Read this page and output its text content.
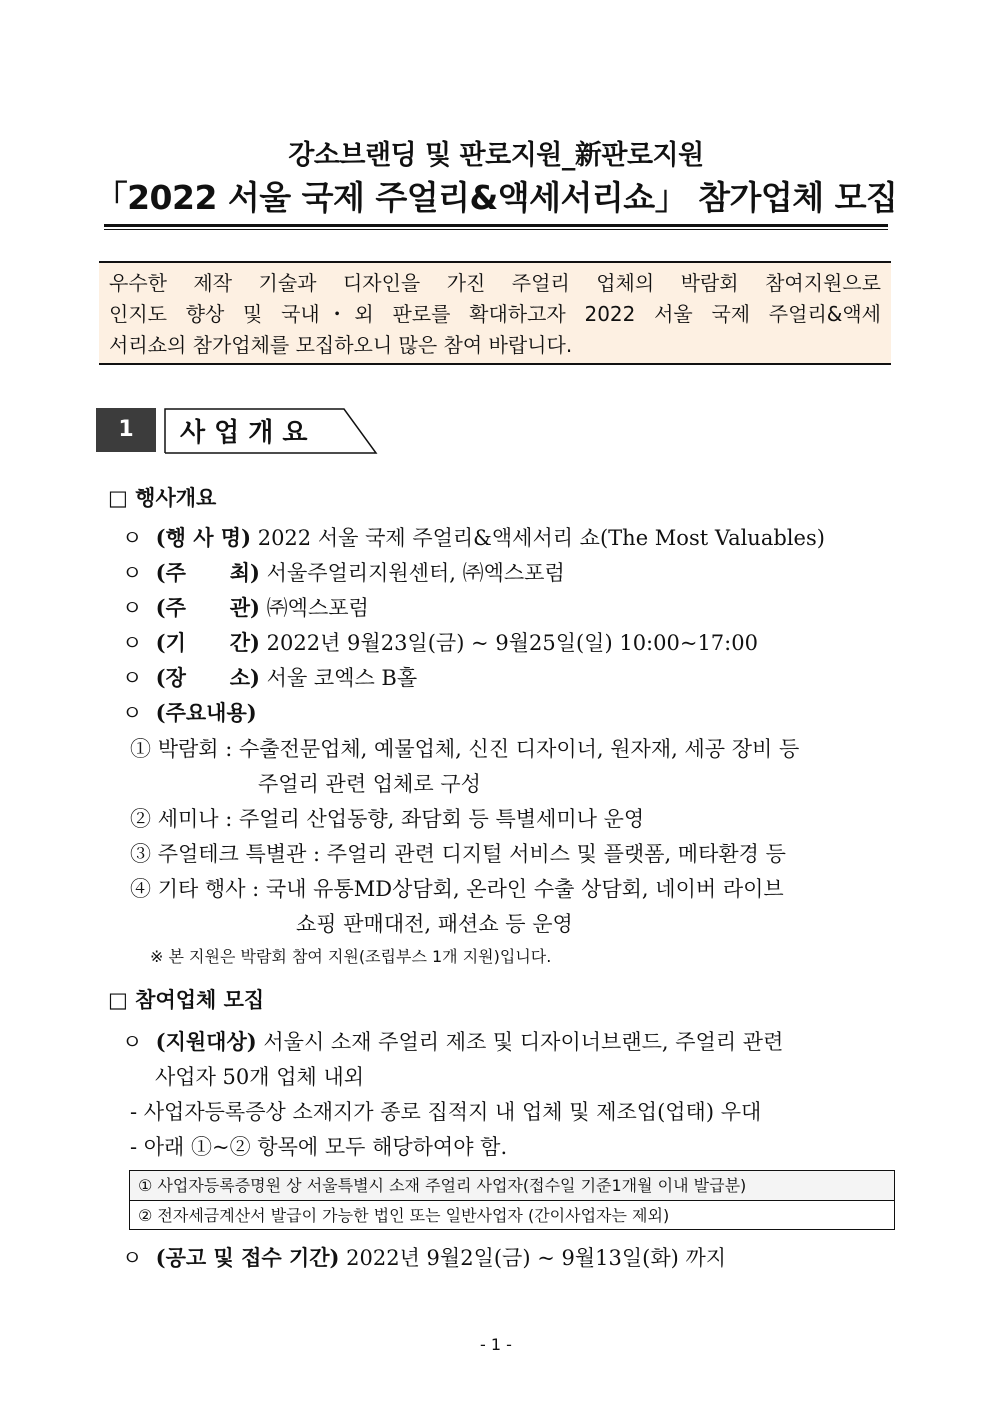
강소브랜딩 및 판로지원_新판로지원
「2022 서울 국제 주얼리&액세서리쇼」 참가업체 모집
우수한 제작 기술과 디자인을 가진 주얼리 업체의 박람회 참여지원으로
인지도 향상 및 국내･외 판로를 확대하고자 2022 서울 국제 주얼리&액세
서리쇼의 참가업체를 모집하오니 많은 참여 바랍니다.
1	사업개요
□ 행사개요
ㅇ (행 사 명) 2022 서울 국제 주얼리&액세서리 쇼(The Most Valuables)
ㅇ (주      최) 서울주얼리지원센터, ㈜엑스포럼
ㅇ (주      관) ㈜엑스포럼
ㅇ (기      간) 2022년 9월23일(금) ~ 9월25일(일) 10:00~17:00
ㅇ (장      소) 서울 코엑스 B홀
ㅇ (주요내용)
① 박람회 : 수출전문업체, 예물업체, 신진 디자이너, 원자재, 세공 장비 등
주얼리 관련 업체로 구성
② 세미나 : 주얼리 산업동향, 좌담회 등 특별세미나 운영
③ 주얼테크 특별관 : 주얼리 관련 디지털 서비스 및 플랫폼, 메타환경 등
④ 기타 행사 : 국내 유통MD상담회, 온라인 수출 상담회, 네이버 라이브
쇼핑 판매대전, 패션쇼 등 운영
※ 본 지원은 박람회 참여 지원(조립부스 1개 지원)입니다.
□ 참여업체 모집
ㅇ (지원대상) 서울시 소재 주얼리 제조 및 디자이너브랜드, 주얼리 관련
사업자 50개 업체 내외
- 사업자등록증상 소재지가 종로 집적지 내 업체 및 제조업(업태) 우대
- 아래 ①~② 항목에 모두 해당하여야 함.
① 사업자등록증명원 상 서울특별시 소재 주얼리 사업자(접수일 기준1개월 이내 발급분)
② 전자세금계산서 발급이 가능한 법인 또는 일반사업자 (간이사업자는 제외)
ㅇ (공고 및 접수 기간) 2022년 9월2일(금) ~ 9월13일(화) 까지
- 1 -
